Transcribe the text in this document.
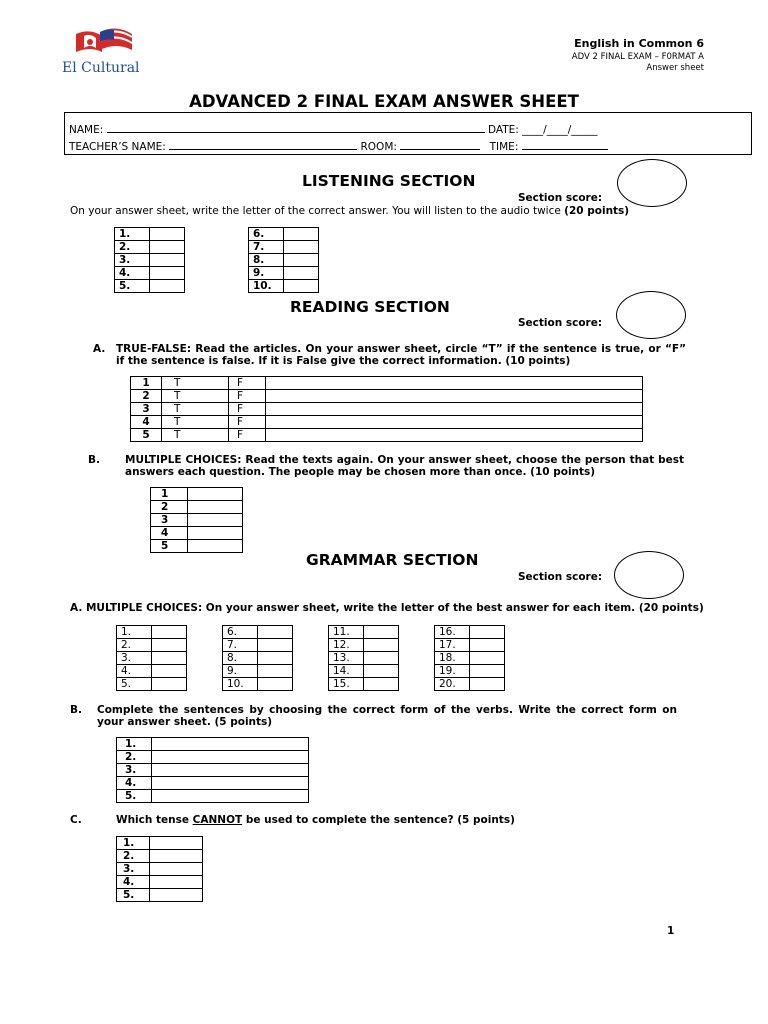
El Cultural
English in Common 6
ADV 2 FINAL EXAM – F0RMAT A
Answer sheet
ADVANCED 2 FINAL EXAM ANSWER SHEET
NAME:	DATE: ____/____/_____
TEACHER’S NAME:	ROOM:	TIME:
LISTENING SECTION
Section score:
On your answer sheet, write the letter of the correct answer. You will listen to the audio twice (20 points)
1.	
2.	
3.	
4.	
5.	
6.	
7.	
8.	
9.	
10.	
READING SECTION
Section score:
A. TRUE-FALSE: Read the articles. On your answer sheet, circle “T” if the sentence is true, or “F” if the sentence is false. If it is False give the correct information. (10 points)
1	T	F	
2	T	F	
3	T	F	
4	T	F	
5	T	F	
B. MULTIPLE CHOICES: Read the texts again. On your answer sheet, choose the person that best answers each question. The people may be chosen more than once. (10 points)
1	
2	
3	
4	
5	
GRAMMAR SECTION
Section score:
A. MULTIPLE CHOICES: On your answer sheet, write the letter of the best answer for each item. (20 points)
1.	
2.	
3.	
4.	
5.	
6.	
7.	
8.	
9.	
10.	
11.	
12.	
13.	
14.	
15.	
16.	
17.	
18.	
19.	
20.	
B. Complete the sentences by choosing the correct form of the verbs. Write the correct form on your answer sheet. (5 points)
1.	
2.	
3.	
4.	
5.	
C.	Which tense CANNOT be used to complete the sentence? (5 points)
1.	
2.	
3.	
4.	
5.	
1
